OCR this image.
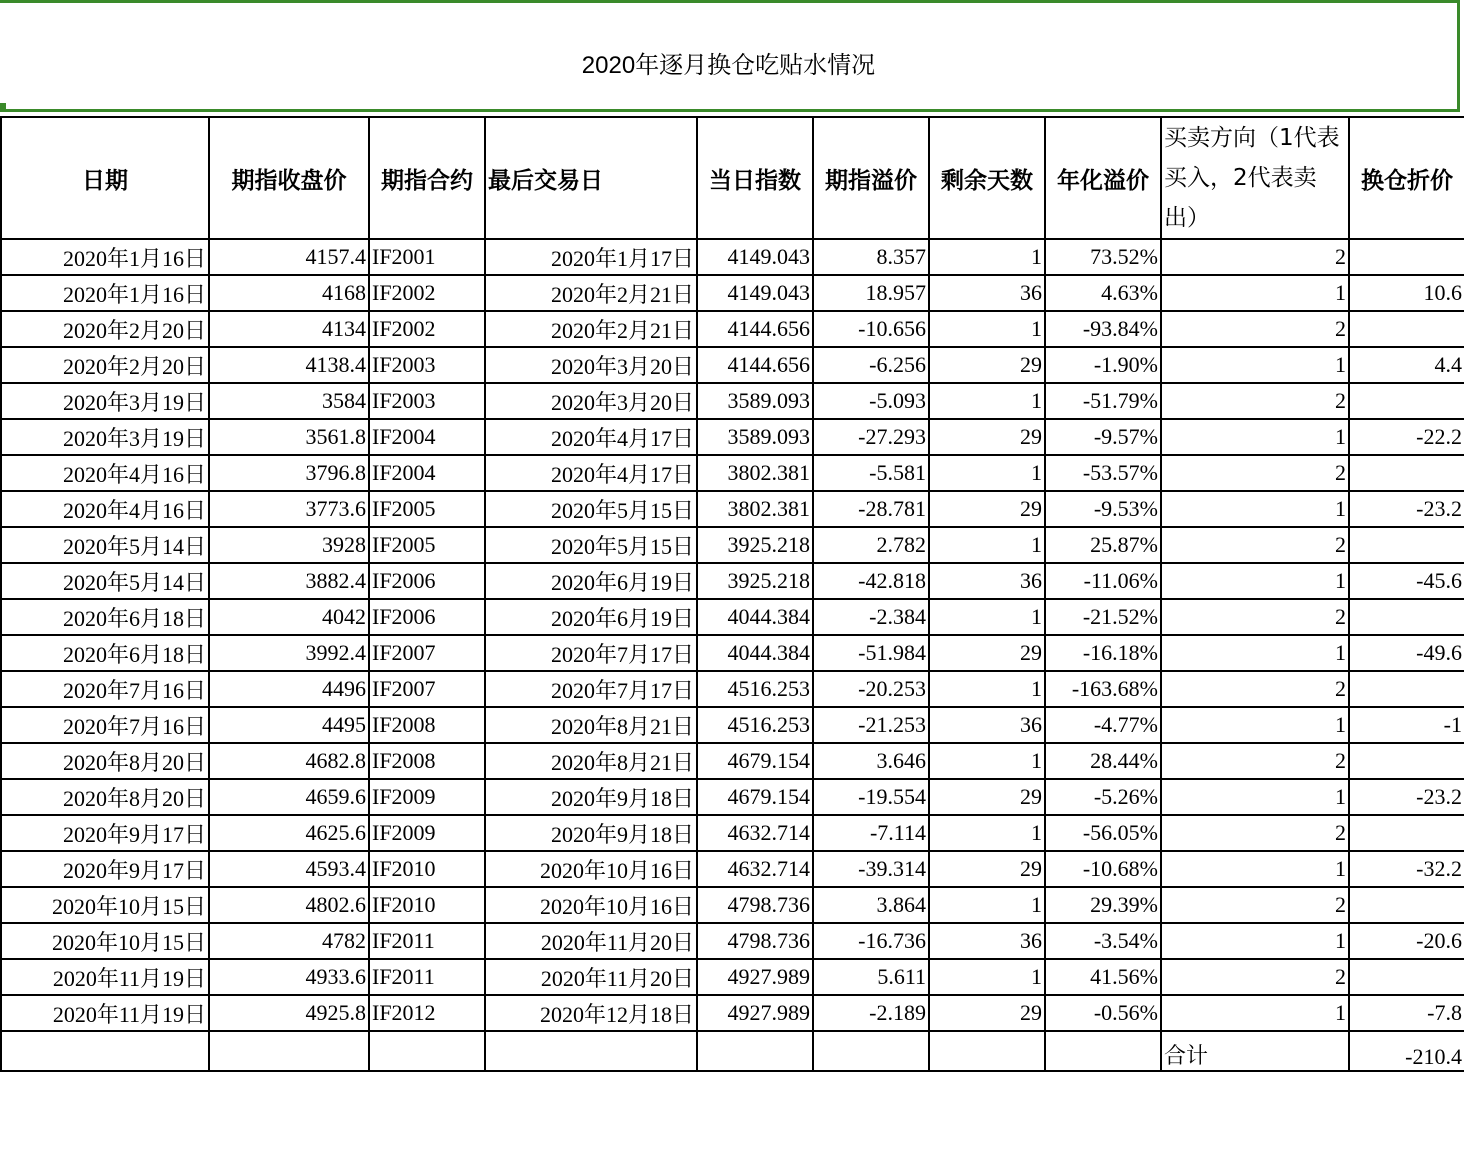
2020年逐月换仓吃贴水情况
日期	期指收盘价	期指合约	最后交易日	当日指数	期指溢价	剩余天数	年化溢价	买卖方向（1代表买入，2代表卖出）	换仓折价
2020年1月16日	4157.4	IF2001	2020年1月17日	4149.043	8.357	1	73.52%	2	
2020年1月16日	4168	IF2002	2020年2月21日	4149.043	18.957	36	4.63%	1	10.6
2020年2月20日	4134	IF2002	2020年2月21日	4144.656	-10.656	1	-93.84%	2	
2020年2月20日	4138.4	IF2003	2020年3月20日	4144.656	-6.256	29	-1.90%	1	4.4
2020年3月19日	3584	IF2003	2020年3月20日	3589.093	-5.093	1	-51.79%	2	
2020年3月19日	3561.8	IF2004	2020年4月17日	3589.093	-27.293	29	-9.57%	1	-22.2
2020年4月16日	3796.8	IF2004	2020年4月17日	3802.381	-5.581	1	-53.57%	2	
2020年4月16日	3773.6	IF2005	2020年5月15日	3802.381	-28.781	29	-9.53%	1	-23.2
2020年5月14日	3928	IF2005	2020年5月15日	3925.218	2.782	1	25.87%	2	
2020年5月14日	3882.4	IF2006	2020年6月19日	3925.218	-42.818	36	-11.06%	1	-45.6
2020年6月18日	4042	IF2006	2020年6月19日	4044.384	-2.384	1	-21.52%	2	
2020年6月18日	3992.4	IF2007	2020年7月17日	4044.384	-51.984	29	-16.18%	1	-49.6
2020年7月16日	4496	IF2007	2020年7月17日	4516.253	-20.253	1	-163.68%	2	
2020年7月16日	4495	IF2008	2020年8月21日	4516.253	-21.253	36	-4.77%	1	-1
2020年8月20日	4682.8	IF2008	2020年8月21日	4679.154	3.646	1	28.44%	2	
2020年8月20日	4659.6	IF2009	2020年9月18日	4679.154	-19.554	29	-5.26%	1	-23.2
2020年9月17日	4625.6	IF2009	2020年9月18日	4632.714	-7.114	1	-56.05%	2	
2020年9月17日	4593.4	IF2010	2020年10月16日	4632.714	-39.314	29	-10.68%	1	-32.2
2020年10月15日	4802.6	IF2010	2020年10月16日	4798.736	3.864	1	29.39%	2	
2020年10月15日	4782	IF2011	2020年11月20日	4798.736	-16.736	36	-3.54%	1	-20.6
2020年11月19日	4933.6	IF2011	2020年11月20日	4927.989	5.611	1	41.56%	2	
2020年11月19日	4925.8	IF2012	2020年12月18日	4927.989	-2.189	29	-0.56%	1	-7.8
								合计	-210.4
